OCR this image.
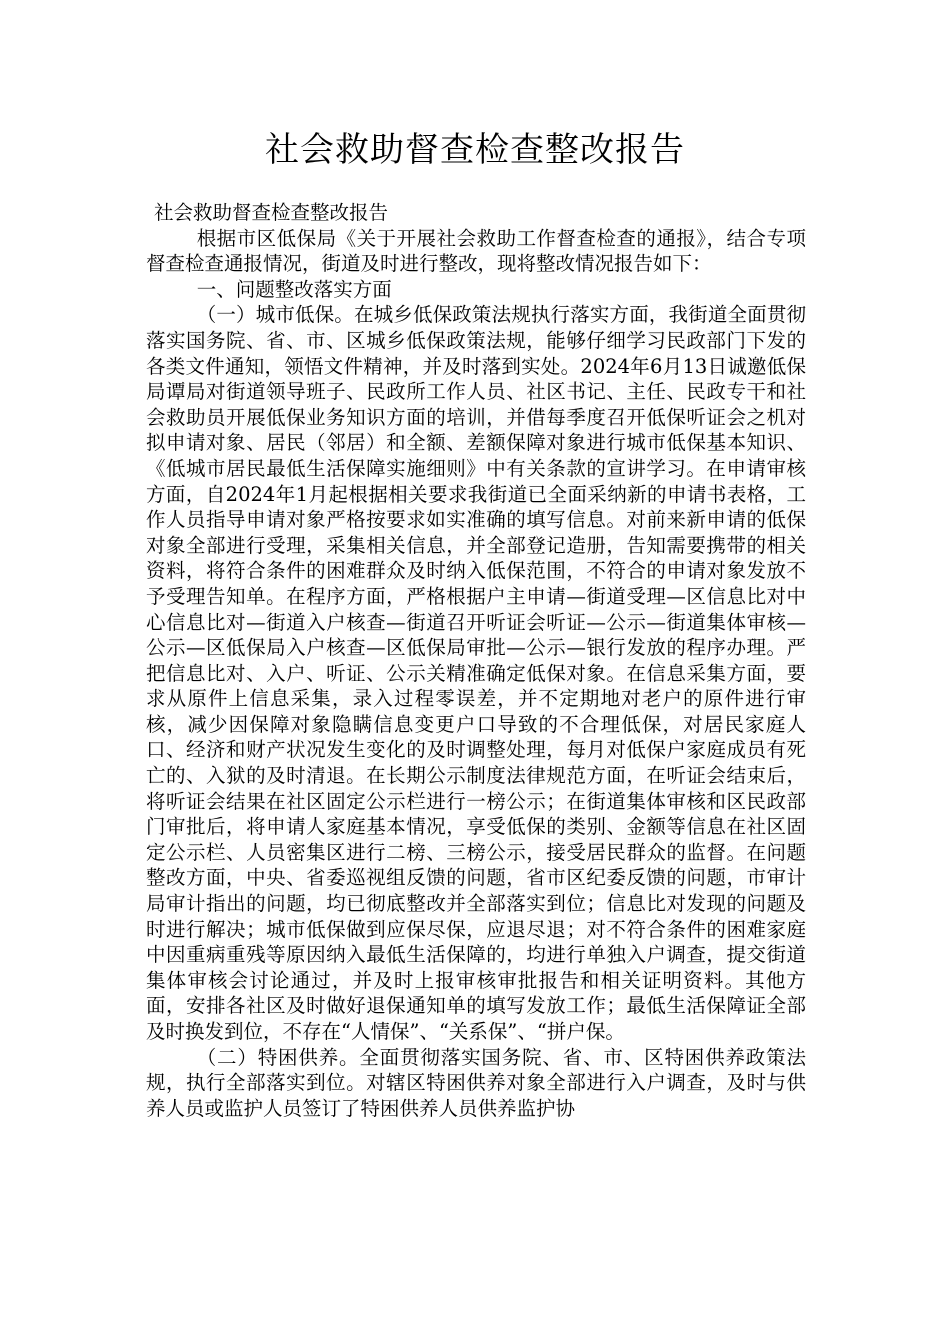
社会救助督查检查整改报告

社会救助督查检查整改报告

根据市区低保局《关于开展社会救助工作督查检查的通报》，结合专项督查检查通报情况，街道及时进行整改，现将整改情况报告如下：

一、问题整改落实方面

（一）城市低保。在城乡低保政策法规执行落实方面，我街道全面贯彻落实国务院、省、市、区城乡低保政策法规，能够仔细学习民政部门下发的各类文件通知，领悟文件精神，并及时落到实处。2024年6月13日诚邀低保局谭局对街道领导班子、民政所工作人员、社区书记、主任、民政专干和社会救助员开展低保业务知识方面的培训，并借每季度召开低保听证会之机对拟申请对象、居民（邻居）和全额、差额保障对象进行城市低保基本知识、《低城市居民最低生活保障实施细则》中有关条款的宣讲学习。在申请审核方面，自2024年1月起根据相关要求我街道已全面采纳新的申请书表格，工作人员指导申请对象严格按要求如实准确的填写信息。对前来新申请的低保对象全部进行受理，采集相关信息，并全部登记造册，告知需要携带的相关资料，将符合条件的困难群众及时纳入低保范围，不符合的申请对象发放不予受理告知单。在程序方面，严格根据户主申请—街道受理—区信息比对中心信息比对—街道入户核查—街道召开听证会听证—公示—街道集体审核—公示—区低保局入户核查—区低保局审批—公示—银行发放的程序办理。严把信息比对、入户、听证、公示关精准确定低保对象。在信息采集方面，要求从原件上信息采集，录入过程零误差，并不定期地对老户的原件进行审核，减少因保障对象隐瞒信息变更户口导致的不合理低保，对居民家庭人口、经济和财产状况发生变化的及时调整处理，每月对低保户家庭成员有死亡的、入狱的及时清退。在长期公示制度法律规范方面，在听证会结束后，将听证会结果在社区固定公示栏进行一榜公示；在街道集体审核和区民政部门审批后，将申请人家庭基本情况，享受低保的类别、金额等信息在社区固定公示栏、人员密集区进行二榜、三榜公示，接受居民群众的监督。在问题整改方面，中央、省委巡视组反馈的问题，省市区纪委反馈的问题，市审计局审计指出的问题，均已彻底整改并全部落实到位；信息比对发现的问题及时进行解决；城市低保做到应保尽保，应退尽退；对不符合条件的困难家庭中因重病重残等原因纳入最低生活保障的，均进行单独入户调查，提交街道集体审核会讨论通过，并及时上报审核审批报告和相关证明资料。其他方面，安排各社区及时做好退保通知单的填写发放工作；最低生活保障证全部及时换发到位，不存在“人情保”、“关系保”、“拼户保。

（二）特困供养。全面贯彻落实国务院、省、市、区特困供养政策法规，执行全部落实到位。对辖区特困供养对象全部进行入户调查，及时与供养人员或监护人员签订了特困供养人员供养监护协
